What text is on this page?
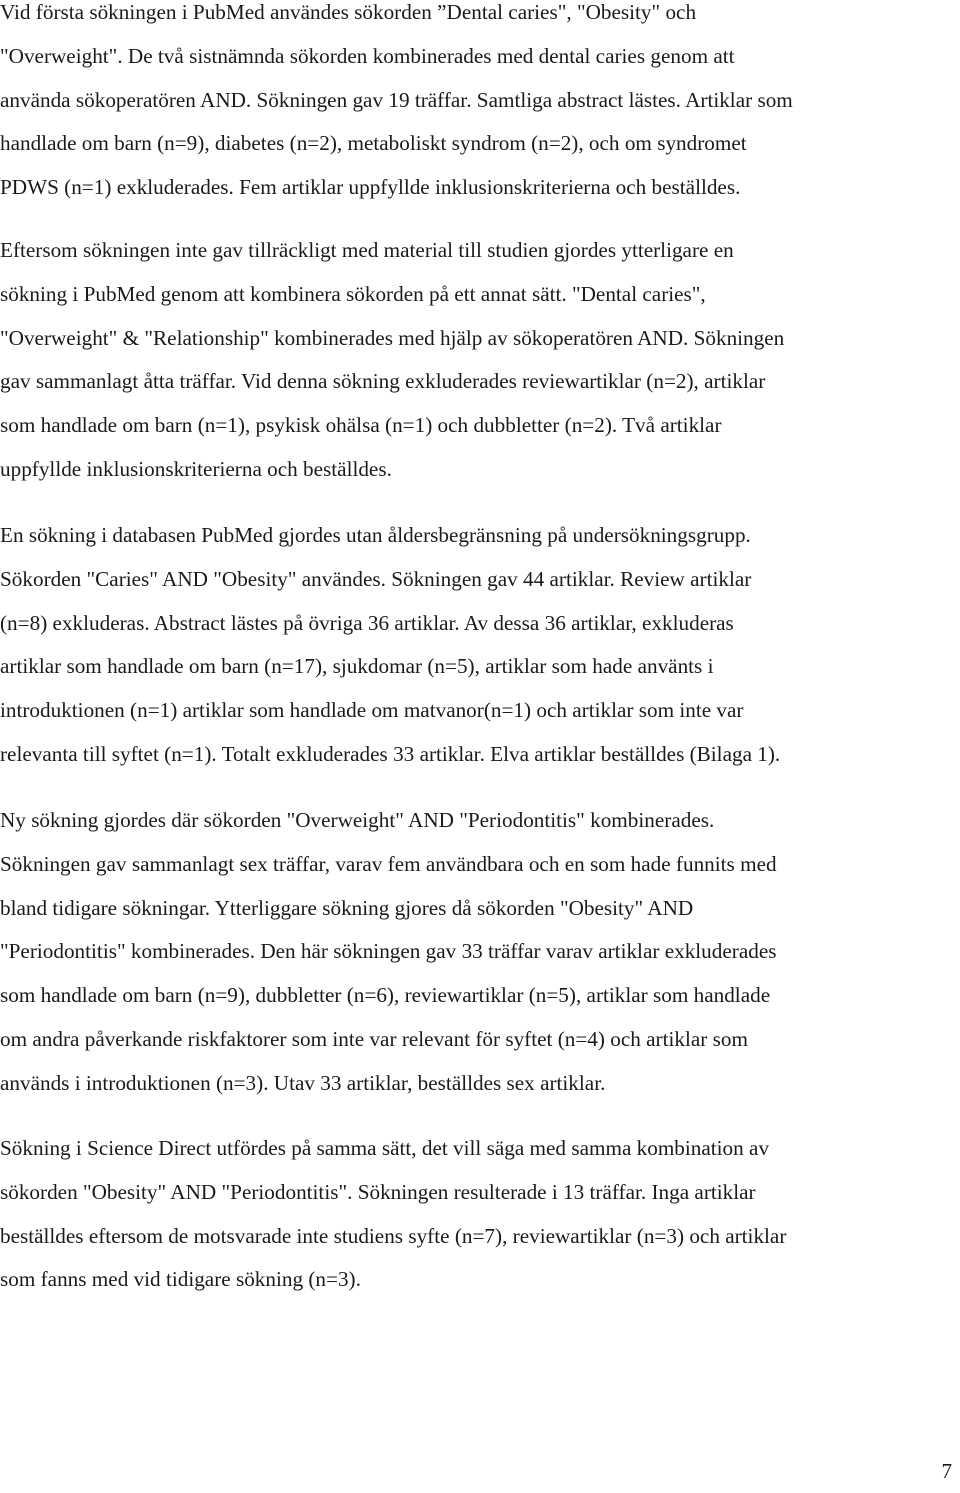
Vid första sökningen i PubMed användes sökorden ”Dental caries", "Obesity" och
"Overweight". De två sistnämnda sökorden kombinerades med dental caries genom att
använda sökoperatören AND. Sökningen gav 19 träffar. Samtliga abstract lästes. Artiklar som
handlade om barn (n=9), diabetes (n=2), metaboliskt syndrom (n=2), och om syndromet
PDWS (n=1) exkluderades. Fem artiklar uppfyllde inklusionskriterierna och beställdes.

Eftersom sökningen inte gav tillräckligt med material till studien gjordes ytterligare en
sökning i PubMed genom att kombinera sökorden på ett annat sätt. "Dental caries",
"Overweight" & "Relationship" kombinerades med hjälp av sökoperatören AND. Sökningen
gav sammanlagt åtta träffar. Vid denna sökning exkluderades reviewartiklar (n=2), artiklar
som handlade om barn (n=1), psykisk ohälsa (n=1) och dubbletter (n=2). Två artiklar
uppfyllde inklusionskriterierna och beställdes.

En sökning i databasen PubMed gjordes utan åldersbegränsning på undersökningsgrupp.
Sökorden "Caries" AND "Obesity" användes. Sökningen gav 44 artiklar. Review artiklar
(n=8) exkluderas. Abstract lästes på övriga 36 artiklar. Av dessa 36 artiklar, exkluderas
artiklar som handlade om barn (n=17), sjukdomar (n=5), artiklar som hade använts i
introduktionen (n=1) artiklar som handlade om matvanor(n=1) och artiklar som inte var
relevanta till syftet (n=1). Totalt exkluderades 33 artiklar. Elva artiklar beställdes (Bilaga 1).

Ny sökning gjordes där sökorden "Overweight" AND "Periodontitis" kombinerades.
Sökningen gav sammanlagt sex träffar, varav fem användbara och en som hade funnits med
bland tidigare sökningar. Ytterliggare sökning gjores då sökorden "Obesity" AND
"Periodontitis" kombinerades. Den här sökningen gav 33 träffar varav artiklar exkluderades
som handlade om barn (n=9), dubbletter (n=6), reviewartiklar (n=5), artiklar som handlade
om andra påverkande riskfaktorer som inte var relevant för syftet (n=4) och artiklar som
används i introduktionen (n=3). Utav 33 artiklar, beställdes sex artiklar.

Sökning i Science Direct utfördes på samma sätt, det vill säga med samma kombination av
sökorden "Obesity" AND "Periodontitis". Sökningen resulterade i 13 träffar. Inga artiklar
beställdes eftersom de motsvarade inte studiens syfte (n=7), reviewartiklar (n=3) och artiklar
som fanns med vid tidigare sökning (n=3).

7
